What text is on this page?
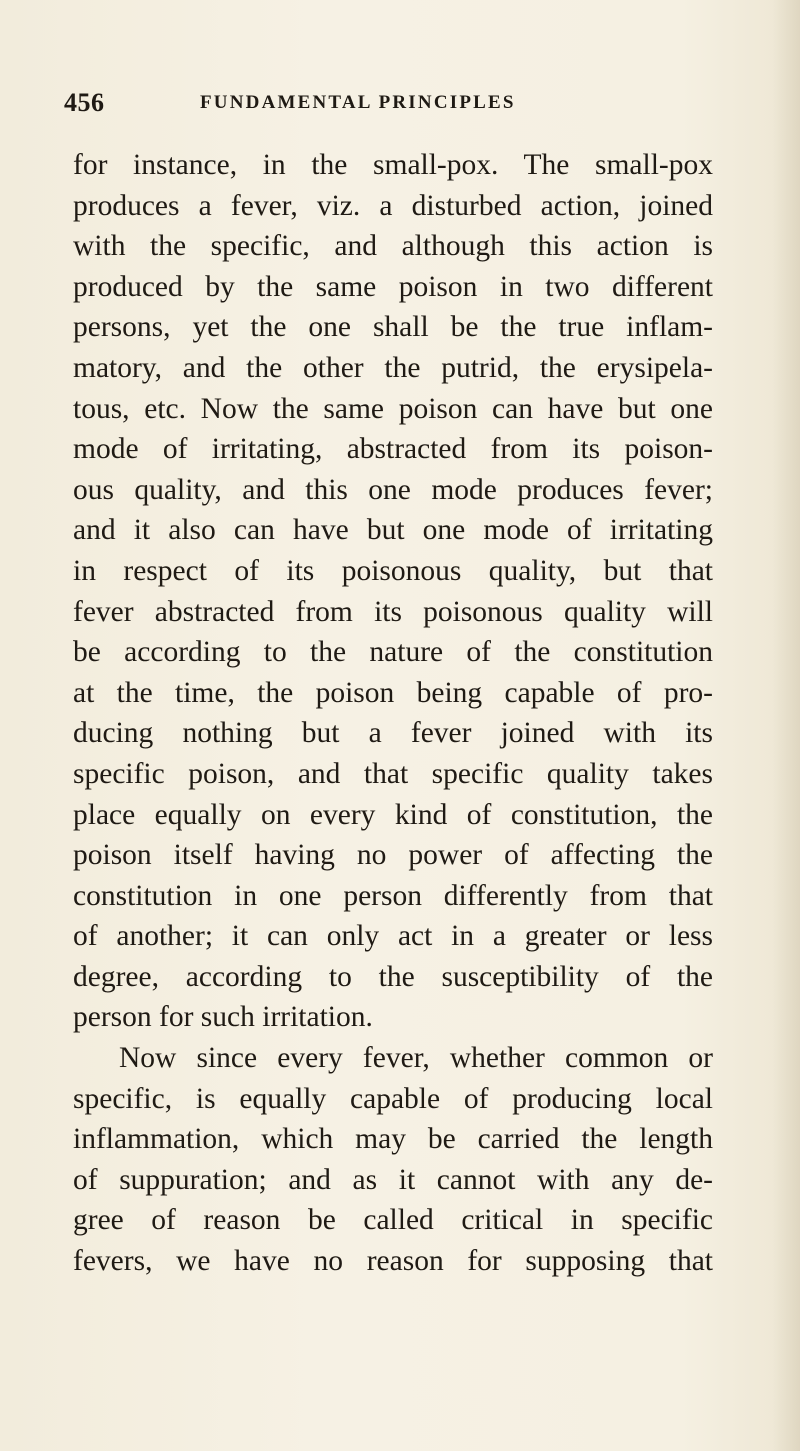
456	FUNDAMENTAL PRINCIPLES
for instance, in the small-pox. The small-pox
produces a fever, viz. a disturbed action, joined
with the specific, and although this action is
produced by the same poison in two different
persons, yet the one shall be the true inflam-
matory, and the other the putrid, the erysipela-
tous, etc. Now the same poison can have but one
mode of irritating, abstracted from its poison-
ous quality, and this one mode produces fever;
and it also can have but one mode of irritating
in respect of its poisonous quality, but that
fever abstracted from its poisonous quality will
be according to the nature of the constitution
at the time, the poison being capable of pro-
ducing nothing but a fever joined with its
specific poison, and that specific quality takes
place equally on every kind of constitution, the
poison itself having no power of affecting the
constitution in one person differently from that
of another; it can only act in a greater or less
degree, according to the susceptibility of the
person for such irritation.
Now since every fever, whether common or
specific, is equally capable of producing local
inflammation, which may be carried the length
of suppuration; and as it cannot with any de-
gree of reason be called critical in specific
fevers, we have no reason for supposing that
